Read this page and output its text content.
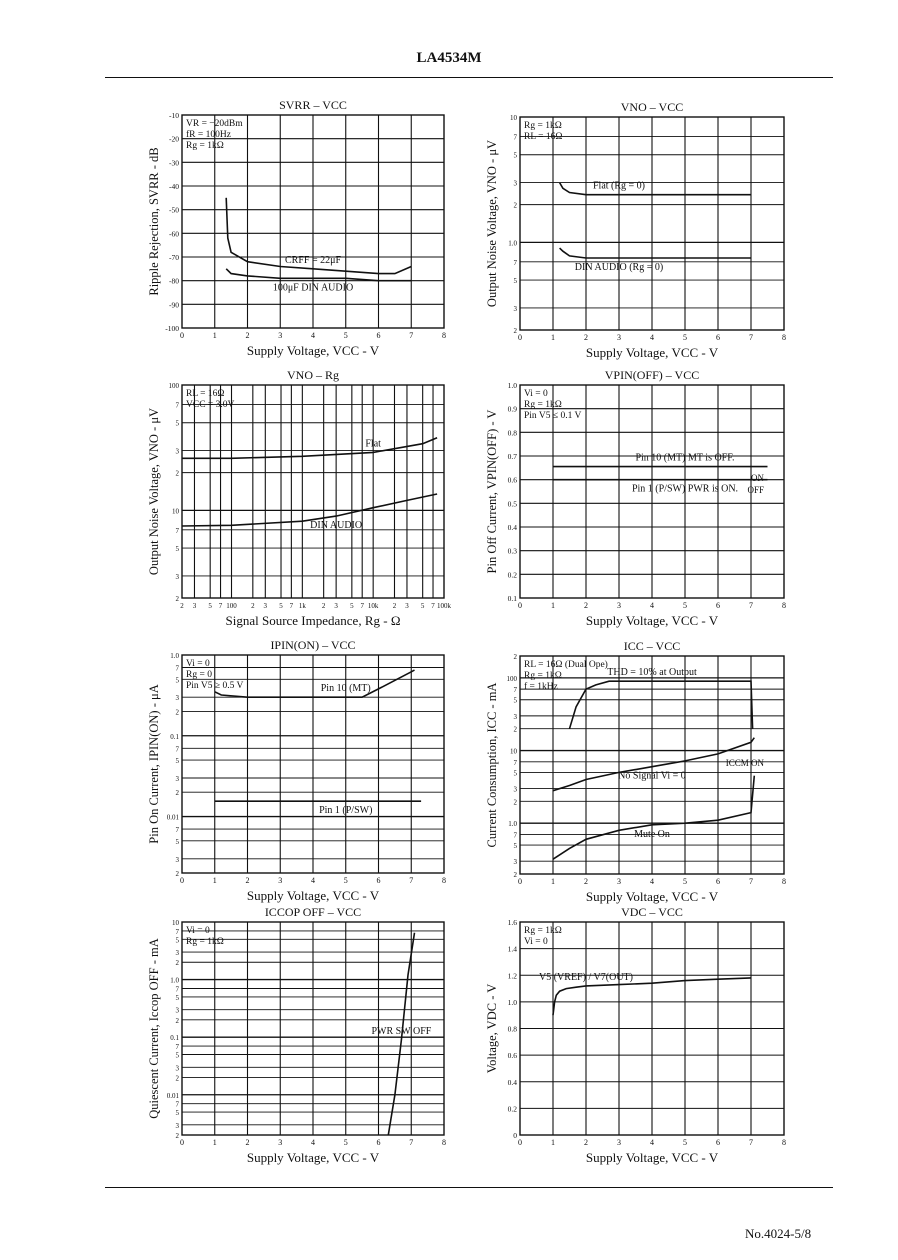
LA4534M
No.4024-5/8
0	1	2	3	4	5	6	7	8
-10
-20
-30
-40
-50
-60
-70
-80
-90
-100
SVRR – VCC
Supply Voltage, VCC - V
Ripple Rejection, SVRR - dB
VR = −20dBm
fR = 100Hz
Rg = 1kΩ
CRFF = 22μF
100μF DIN AUDIO
0	1	2	3	4	5	6	7	8
2
3
5
7
1.0
2
3
5
7
10
VNO – VCC
Supply Voltage, VCC - V
Output Noise Voltage, VNO - μV
Rg = 1kΩ
RL = 16Ω
Flat (Rg = 0)
DIN AUDIO (Rg = 0)
2 3 5 7 100 2 3 5 7 1k 2 3 5 7 10k 2 3 5 7 100k
2
3
5
7
10
2
3
5
7
100
VNO – Rg
Signal Source Impedance, Rg - Ω
Output Noise Voltage, VNO - μV
RL = 16Ω
VCC = 3.0V
Flat
DIN AUDIO
0	1	2	3	4	5	6	7	8
0.1
0.2
0.3
0.4
0.5
0.6
0.7
0.8
0.9
1.0
VPIN(OFF) – VCC
Supply Voltage, VCC - V
Pin Off Current, VPIN(OFF) - V
Vi = 0
Rg = 1kΩ
Pin V5 ≤ 0.1 V
Pin 10 (MT) MT is OFF.
Pin 1 (P/SW) PWR is ON.
ON
OFF
0	1	2	3	4	5	6	7	8
2
3
5
7
0.01
2
3
5
7
0.1
2
3
5
7
1.0
IPIN(ON) – VCC
Supply Voltage, VCC - V
Pin On Current, IPIN(ON) - μA
Vi = 0
Rg = 0
Pin V5 ≥ 0.5 V	Pin 10 (MT)
Pin 1 (P/SW)
0	1	2	3	4	5	6	7	8
2
3
5
7
1.0
2
3
5
7
10
2
3
5
7
100
2
ICC – VCC
Supply Voltage, VCC - V
Current Consumption, ICC - mA
RL = 16Ω (Dual Ope)
Rg = 1kΩ
f = 1kHz
THD = 10% at Output
No Signal Vi = 0
Mute On
ICCM ON
0	1	2	3	4	5	6	7	8
2
3
5
7
0.01
2
3
5
7
0.1
2
3
5
7
1.0
2
3
5
7
10
ICCOP OFF – VCC
Supply Voltage, VCC - V
Quiescent Current, Iccop OFF - mA
Vi = 0
Rg = 1kΩ
PWR SW OFF
0	1	2	3	4	5	6	7	8
0
0.2
0.4
0.6
0.8
1.0
1.2
1.4
1.6
VDC – VCC
Supply Voltage, VCC - V
Voltage, VDC - V
Rg = 1kΩ
Vi = 0
V5 (VREF) / V7(OUT)
